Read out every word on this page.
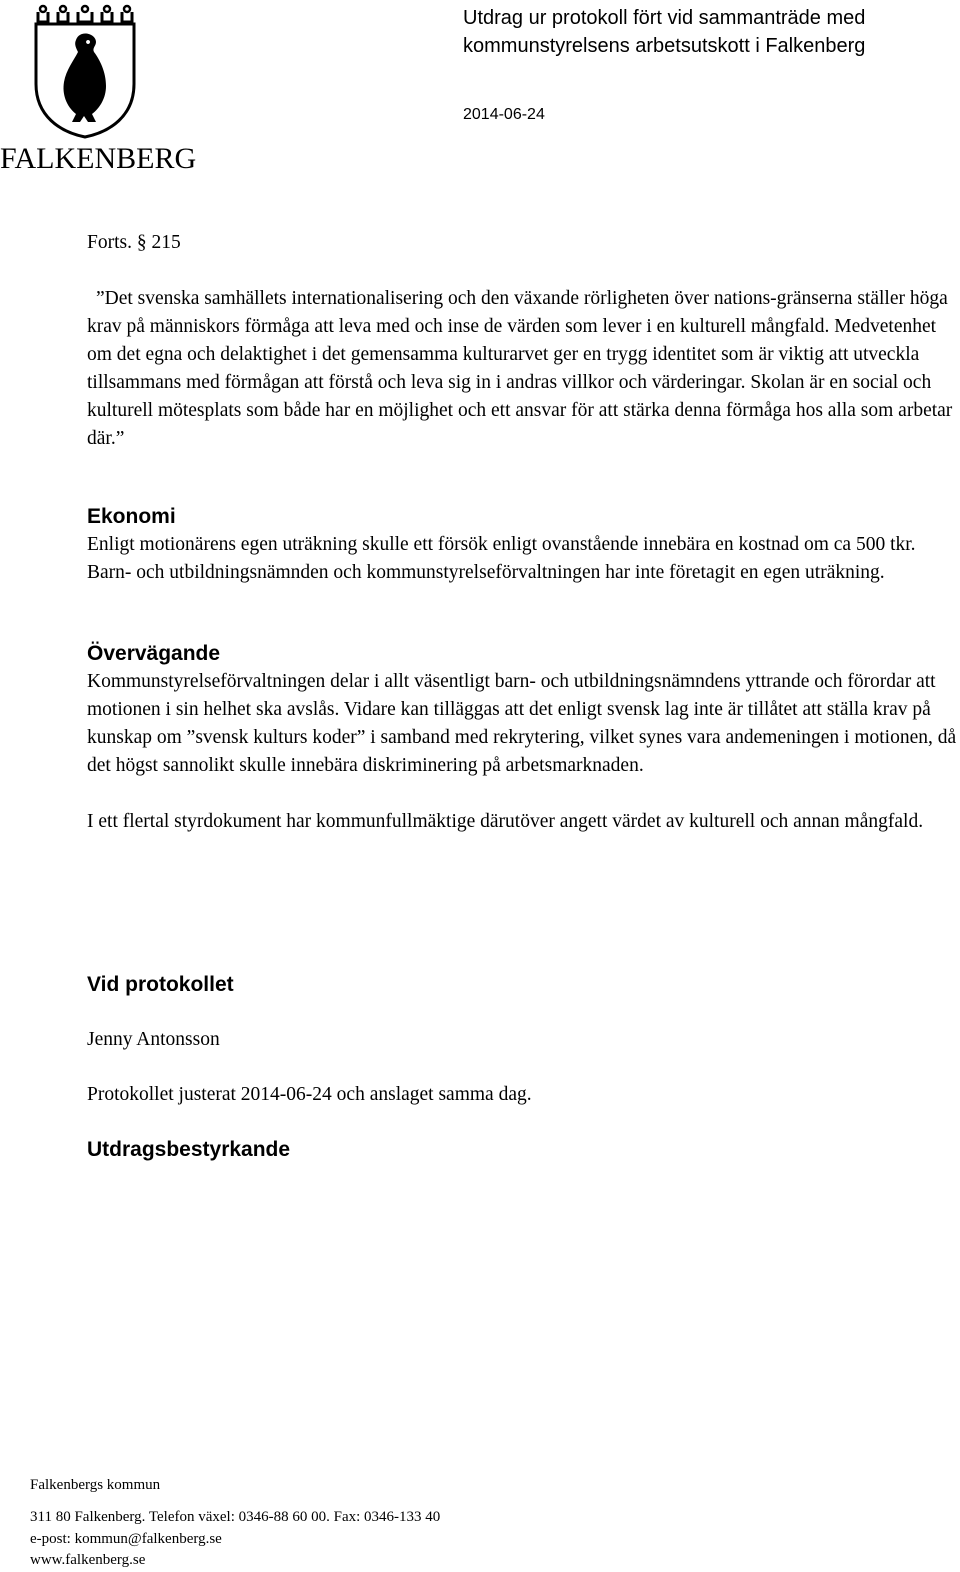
FALKENBERG
Utdrag ur protokoll fört vid sammanträde med
kommunstyrelsens arbetsutskott i Falkenberg
2014-06-24
Forts. § 215
”Det svenska samhällets internationalisering och den växande rörligheten över nations-gränserna ställer höga krav på människors förmåga att leva med och inse de värden som lever i en kulturell mångfald. Medvetenhet om det egna och delaktighet i det gemensamma kulturarvet ger en trygg identitet som är viktig att utveckla tillsammans med förmågan att förstå och leva sig in i andras villkor och värderingar. Skolan är en social och kulturell mötesplats som både har en möjlighet och ett ansvar för att stärka denna förmåga hos alla som arbetar där.”
Ekonomi
Enligt motionärens egen uträkning skulle ett försök enligt ovanstående innebära en kostnad om ca 500 tkr. Barn- och utbildningsnämnden och kommunstyrelseförvaltningen har inte företagit en egen uträkning.
Övervägande
Kommunstyrelseförvaltningen delar i allt väsentligt barn- och utbildningsnämndens yttrande och förordar att motionen i sin helhet ska avslås. Vidare kan tilläggas att det enligt svensk lag inte är tillåtet att ställa krav på kunskap om ”svensk kulturs koder” i samband med rekrytering, vilket synes vara andemeningen i motionen, då det högst sannolikt skulle innebära diskriminering på arbetsmarknaden.
I ett flertal styrdokument har kommunfullmäktige därutöver angett värdet av kulturell och annan mångfald.
Vid protokollet
Jenny Antonsson
Protokollet justerat 2014-06-24 och anslaget samma dag.
Utdragsbestyrkande
Falkenbergs kommun
311 80 Falkenberg. Telefon växel: 0346-88 60 00. Fax: 0346-133 40
e-post: kommun@falkenberg.se
www.falkenberg.se
